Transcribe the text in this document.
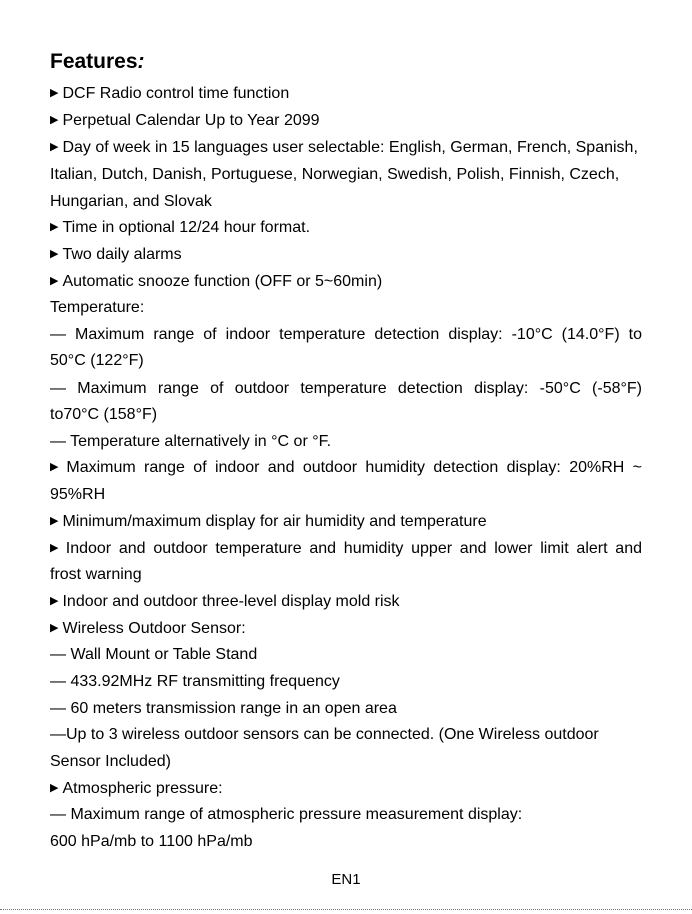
Features:
▶ DCF Radio control time function
▶ Perpetual Calendar Up to Year 2099
▶ Day of week in 15 languages user selectable: English, German, French, Spanish,
Italian, Dutch, Danish, Portuguese, Norwegian, Swedish, Polish, Finnish, Czech,
Hungarian, and Slovak
▶ Time in optional 12/24 hour format.
▶ Two daily alarms
▶ Automatic snooze function (OFF or 5~60min)
Temperature:
— Maximum range of indoor temperature detection display: -10°C (14.0°F) to
50°C (122°F)
— Maximum range of outdoor temperature detection display: -50°C (-58°F)
to70°C (158°F)
— Temperature alternatively in °C or °F.
▶ Maximum range of indoor and outdoor humidity detection display: 20%RH ~
95%RH
▶ Minimum/maximum display for air humidity and temperature
▶ Indoor and outdoor temperature and humidity upper and lower limit alert and
frost warning
▶ Indoor and outdoor three-level display mold risk
▶ Wireless Outdoor Sensor:
— Wall Mount or Table Stand
— 433.92MHz RF transmitting frequency
— 60 meters transmission range in an open area
—Up to 3 wireless outdoor sensors can be connected. (One Wireless outdoor
Sensor Included)
▶ Atmospheric pressure:
— Maximum range of atmospheric pressure measurement display:
600 hPa/mb to 1100 hPa/mb
EN1
